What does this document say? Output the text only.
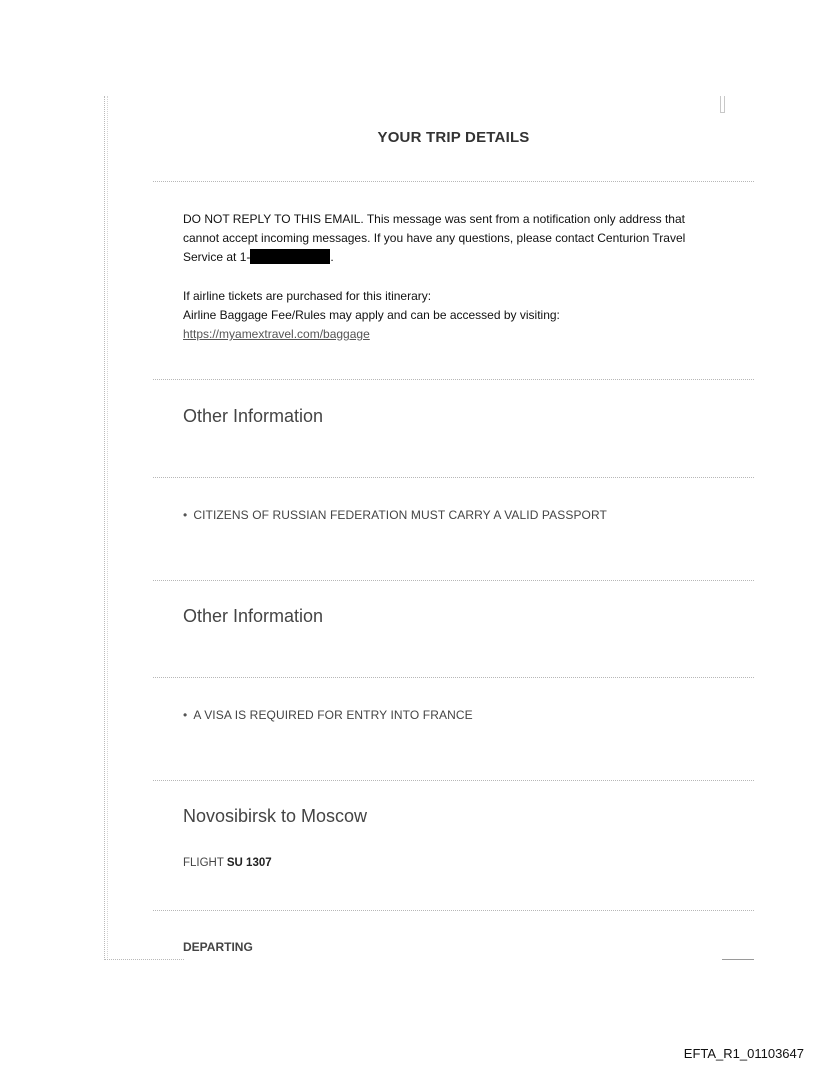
YOUR TRIP DETAILS
DO NOT REPLY TO THIS EMAIL. This message was sent from a notification only address that cannot accept incoming messages. If you have any questions, please contact Centurion Travel Service at 1-	.
If airline tickets are purchased for this itinerary:
Airline Baggage Fee/Rules may apply and can be accessed by visiting:
https://myamextravel.com/baggage
Other Information
• CITIZENS OF RUSSIAN FEDERATION MUST CARRY A VALID PASSPORT
Other Information
• A VISA IS REQUIRED FOR ENTRY INTO FRANCE
Novosibirsk to Moscow
FLIGHT SU 1307
DEPARTING
EFTA_R1_01103647
